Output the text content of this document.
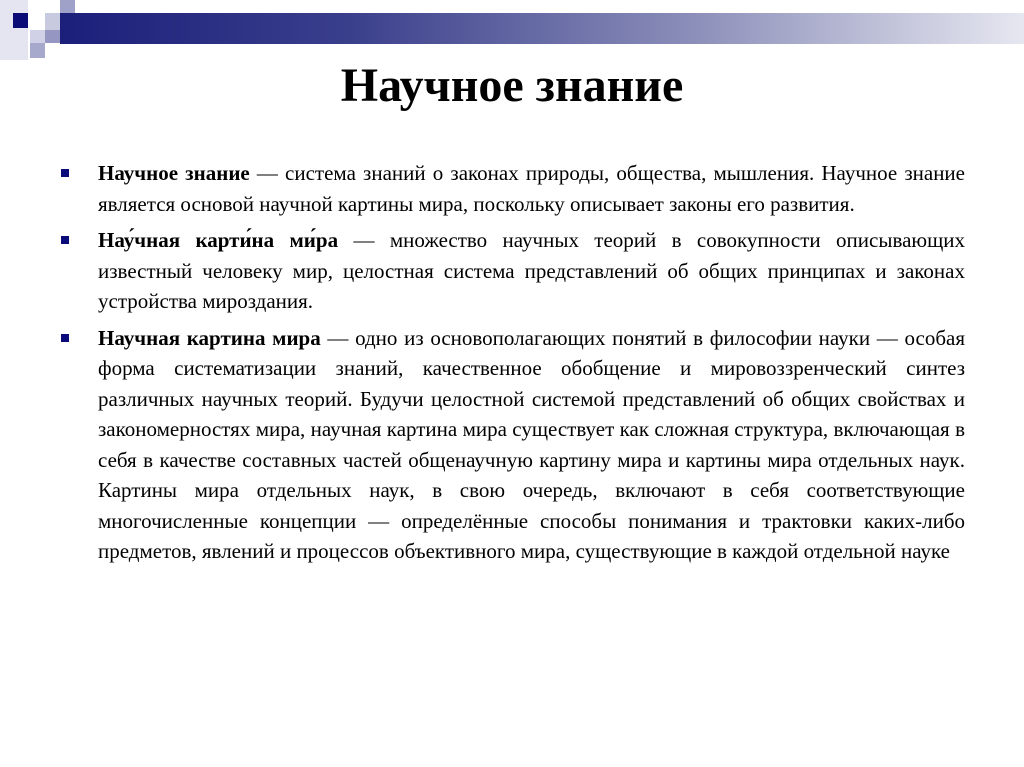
Научное знание
Научное знание — система знаний о законах природы, общества, мышления. Научное знание является основой научной картины мира, поскольку описывает законы его развития.
Нау́чная карти́на ми́ра — множество научных теорий в совокупности описывающих известный человеку мир, целостная система представлений об общих принципах и законах устройства мироздания.
Научная картина мира — одно из основополагающих понятий в философии науки — особая форма систематизации знаний, качественное обобщение и мировоззренческий синтез различных научных теорий. Будучи целостной системой представлений об общих свойствах и закономерностях мира, научная картина мира существует как сложная структура, включающая в себя в качестве составных частей общенаучную картину мира и картины мира отдельных наук. Картины мира отдельных наук, в свою очередь, включают в себя соответствующие многочисленные концепции — определённые способы понимания и трактовки каких-либо предметов, явлений и процессов объективного мира, существующие в каждой отдельной науке
